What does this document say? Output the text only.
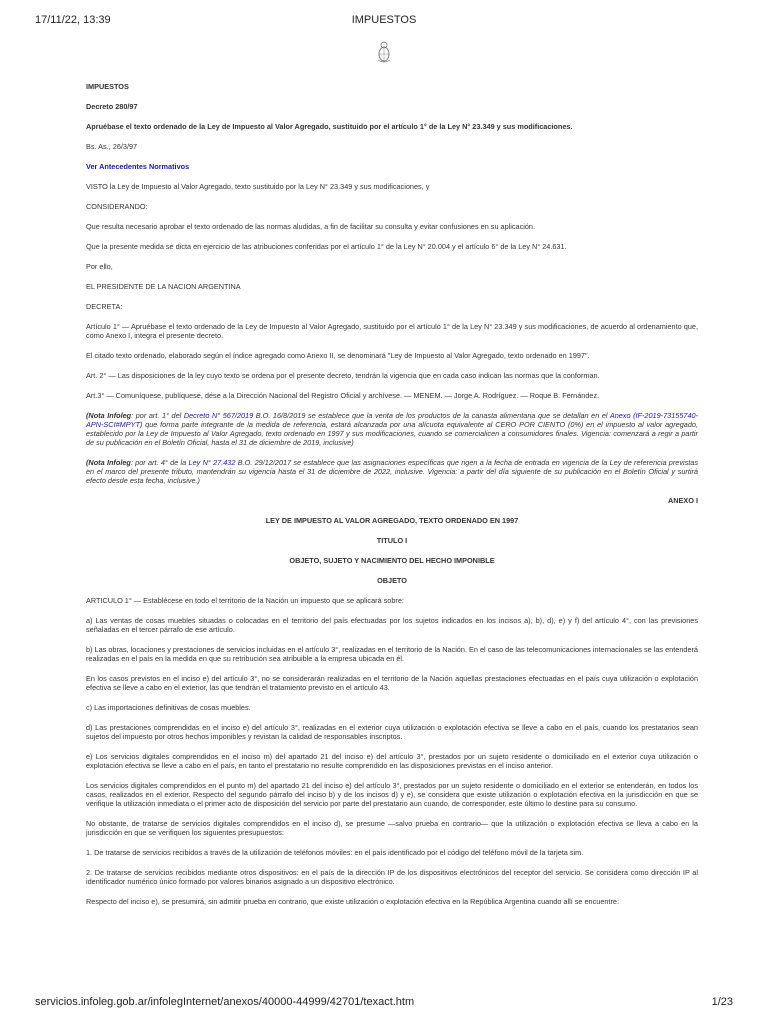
17/11/22, 13:39	IMPUESTOS

IMPUESTOS

Decreto 280/97

Apruébase el texto ordenado de la Ley de Impuesto al Valor Agregado, sustituido por el artículo 1° de la Ley N° 23.349 y sus modificaciones.

Bs. As., 26/3/97

Ver Antecedentes Normativos

VISTO la Ley de Impuesto al Valor Agregado, texto sustituido por la Ley N° 23.349 y sus modificaciones, y

CONSIDERANDO:

Que resulta necesario aprobar el texto ordenado de las normas aludidas, a fin de facilitar su consulta y evitar confusiones en su aplicación.

Que la presente medida se dicta en ejercicio de las atribuciones conferidas por el artículo 1° de la Ley N° 20.004 y el artículo 6° de la Ley N° 24.631.

Por ello,

EL PRESIDENTE DE LA NACION ARGENTINA

DECRETA:

Artículo 1° — Apruébase el texto ordenado de la Ley de Impuesto al Valor Agregado, sustituido por el artículo 1° de la Ley N° 23.349 y sus modificaciones, de acuerdo al ordenamiento que, como Anexo I, integra el presente decreto.

El citado texto ordenado, elaborado según el índice agregado como Anexo II, se denominará "Ley de Impuesto al Valor Agregado, texto ordenado en 1997".

Art. 2° — Las disposiciones de la ley cuyo texto se ordena por el presente decreto, tendrán la vigencia que en cada caso indican las normas que la conforman.

Art.3° — Comuníquese, publíquese, dése a la Dirección Nacional del Registro Oficial y archívese. — MENEM. — Jorge A. Rodríguez. — Roque B. Fernández.

(Nota Infoleg: por art. 1° del Decreto N° 567/2019 B.O. 16/8/2019 se establece que la venta de los productos de la canasta alimentaria que se detallan en el Anexo (IF-2019-73155740-APN-SCI#MPYT) que forma parte integrante de la medida de referencia, estará alcanzada por una alícuota equivalente al CERO POR CIENTO (0%) en el impuesto al valor agregado, establecido por la Ley de Impuesto al Valor Agregado, texto ordenado en 1997 y sus modificaciones, cuando se comercialicen a consumidores finales. Vigencia: comenzará a regir a partir de su publicación en el Boletín Oficial, hasta el 31 de diciembre de 2019, inclusive)

(Nota Infoleg: por art. 4° de la Ley N° 27.432 B.O. 29/12/2017 se establece que las asignaciones específicas que rigen a la fecha de entrada en vigencia de la Ley de referencia previstas en el marco del presente tributo, mantendrán su vigencia hasta el 31 de diciembre de 2022, inclusive. Vigencia: a partir del día siguiente de su publicación en el Boletín Oficial y surtirá efecto desde esta fecha, inclusive.)

ANEXO I

LEY DE IMPUESTO AL VALOR AGREGADO, TEXTO ORDENADO EN 1997

TITULO I

OBJETO, SUJETO Y NACIMIENTO DEL HECHO IMPONIBLE

OBJETO

ARTICULO 1° — Establécese en todo el territorio de la Nación un impuesto que se aplicará sobre:

a) Las ventas de cosas muebles situadas o colocadas en el territorio del país efectuadas por los sujetos indicados en los incisos a), b), d), e) y f) del artículo 4°, con las previsiones señaladas en el tercer párrafo de ese artículo.

b) Las obras, locaciones y prestaciones de servicios incluidas en el artículo 3°, realizadas en el territorio de la Nación. En el caso de las telecomunicaciones internacionales se las entenderá realizadas en el país en la medida en que su retribución sea atribuible a la empresa ubicada en él.

En los casos previstos en el inciso e) del artículo 3°, no se considerarán realizadas en el territorio de la Nación aquellas prestaciones efectuadas en el país cuya utilización o explotación efectiva se lleve a cabo en el exterior, las que tendrán el tratamiento previsto en el artículo 43.

c) Las importaciones definitivas de cosas muebles.

d) Las prestaciones comprendidas en el inciso e) del artículo 3°, realizadas en el exterior cuya utilización o explotación efectiva se lleve a cabo en el país, cuando los prestatarios sean sujetos del impuesto por otros hechos imponibles y revistan la calidad de responsables inscriptos.

e) Los servicios digitales comprendidos en el inciso m) del apartado 21 del inciso e) del artículo 3°, prestados por un sujeto residente o domiciliado en el exterior cuya utilización o explotación efectiva se lleve a cabo en el país, en tanto el prestatario no resulte comprendido en las disposiciones previstas en el inciso anterior.

Los servicios digitales comprendidos en el punto m) del apartado 21 del inciso e) del artículo 3°, prestados por un sujeto residente o domiciliado en el exterior se entenderán, en todos los casos, realizados en el exterior. Respecto del segundo párrafo del inciso b) y de los incisos d) y e), se considera que existe utilización o explotación efectiva en la jurisdicción en que se verifique la utilización inmediata o el primer acto de disposición del servicio por parte del prestatario aun cuando, de corresponder, este último lo destine para su consumo.

No obstante, de tratarse de servicios digitales comprendidos en el inciso d), se presume —salvo prueba en contrario— que la utilización o explotación efectiva se lleva a cabo en la jurisdicción en que se verifiquen los siguientes presupuestos:

1. De tratarse de servicios recibidos a través de la utilización de teléfonos móviles: en el país identificado por el código del teléfono móvil de la tarjeta sim.

2. De tratarse de servicios recibidos mediante otros dispositivos: en el país de la dirección IP de los dispositivos electrónicos del receptor del servicio. Se considera como dirección IP al identificador numérico único formado por valores binarios asignado a un dispositivo electrónico.

Respecto del inciso e), se presumirá, sin admitir prueba en contrario, que existe utilización o explotación efectiva en la República Argentina cuando allí se encuentre:

servicios.infoleg.gob.ar/infolegInternet/anexos/40000-44999/42701/texact.htm	1/23
